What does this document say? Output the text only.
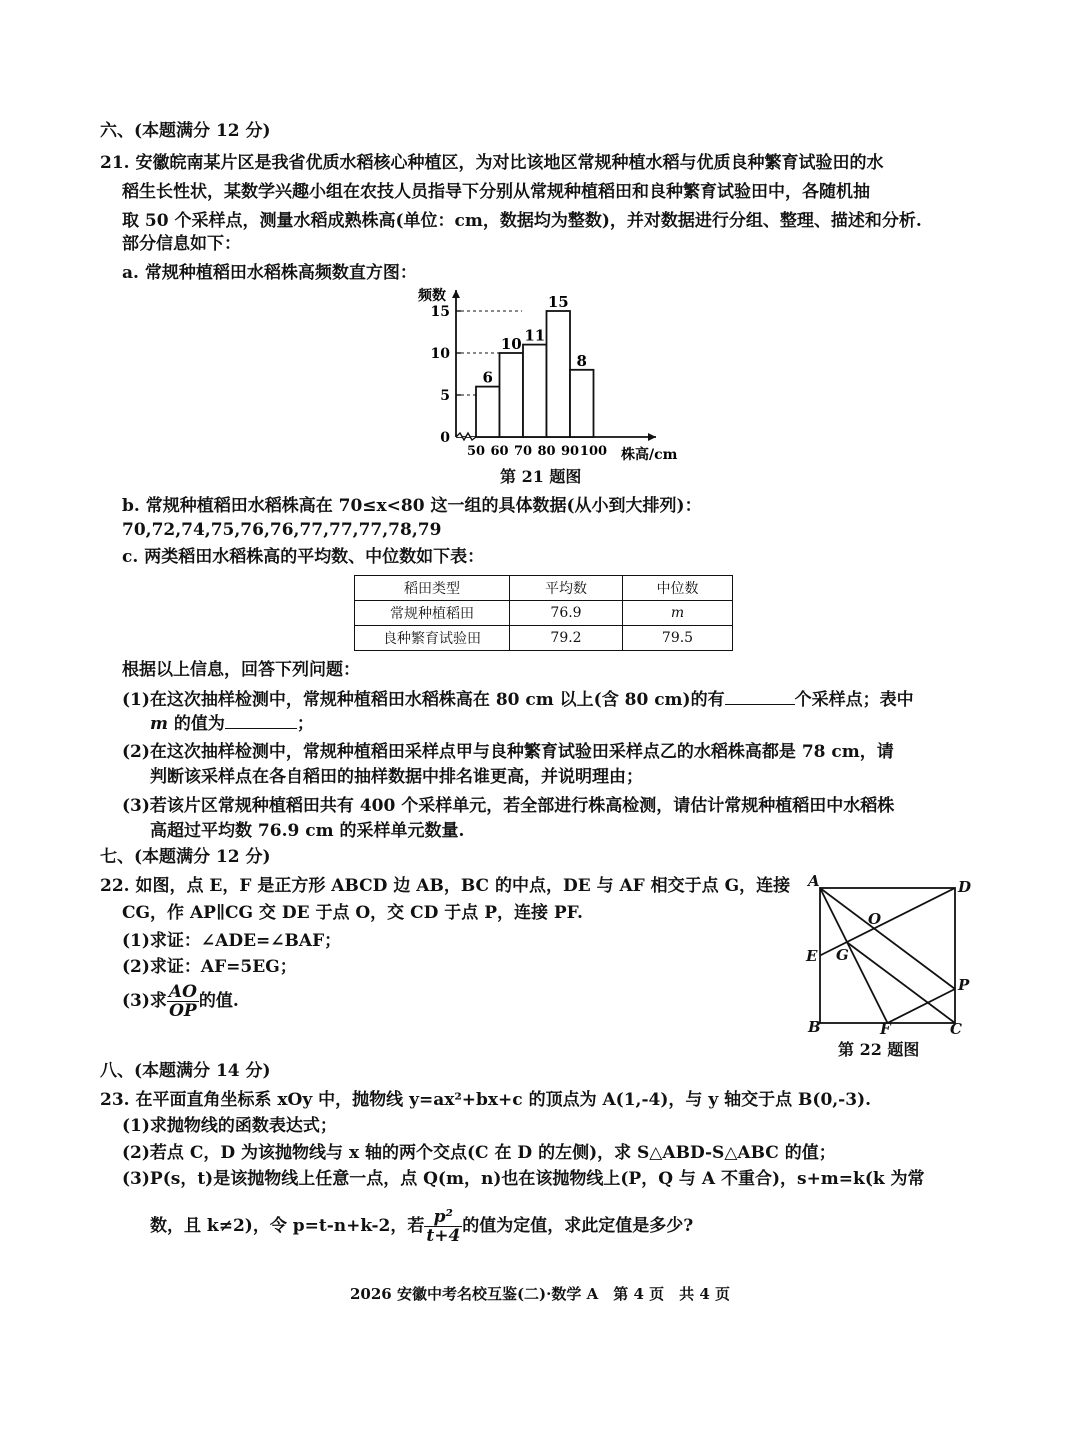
六、(本题满分 12 分)
21. 安徽皖南某片区是我省优质水稻核心种植区，为对比该地区常规种植水稻与优质良种繁育试验田的水
稻生长性状，某数学兴趣小组在农技人员指导下分别从常规种植稻田和良种繁育试验田中，各随机抽
取 50 个采样点，测量水稻成熟株高(单位：cm，数据均为整数)，并对数据进行分组、整理、描述和分析.
部分信息如下：
a. 常规种植稻田水稻株高频数直方图：
0
5
10
15
6
10 11
15
8
50 60 70 80 90 100 株高/cm
频数
第 21 题图
b. 常规种植稻田水稻株高在 70≤x<80 这一组的具体数据(从小到大排列)：
70,72,74,75,76,76,77,77,77,78,79
c. 两类稻田水稻株高的平均数、中位数如下表：
稻田类型	平均数	中位数
常规种植稻田	76.9	m
良种繁育试验田	79.2	79.5
根据以上信息，回答下列问题：
(1)在这次抽样检测中，常规种植稻田水稻株高在 80 cm 以上(含 80 cm)的有	个采样点；表中
m 的值为	；
(2)在这次抽样检测中，常规种植稻田采样点甲与良种繁育试验田采样点乙的水稻株高都是 78 cm，请
判断该采样点在各自稻田的抽样数据中排名谁更高，并说明理由；
(3)若该片区常规种植稻田共有 400 个采样单元，若全部进行株高检测，请估计常规种植稻田中水稻株
高超过平均数 76.9 cm 的采样单元数量.
七、(本题满分 12 分)
22. 如图，点 E，F 是正方形 ABCD 边 AB，BC 的中点，DE 与 AF 相交于点 G，连接
CG，作 AP∥CG 交 DE 于点 O，交 CD 于点 P，连接 PF.
(1)求证：∠ADE=∠BAF；
(2)求证：AF=5EG；
(3)求 $\frac{AO}{OP}$ 的值.
A	D
B	C
E
F
G
O
P
第 22 题图
八、(本题满分 14 分)
23. 在平面直角坐标系 xOy 中，抛物线 y=ax²+bx+c 的顶点为 A(1,-4)，与 y 轴交于点 B(0,-3).
(1)求抛物线的函数表达式；
(2)若点 C，D 为该抛物线与 x 轴的两个交点(C 在 D 的左侧)，求 S△ABD-S△ABC 的值；
(3)P(s，t)是该抛物线上任意一点，点 Q(m，n)也在该抛物线上(P，Q 与 A 不重合)，s+m=k(k 为常
数，且 k≠2)，令 p=t-n+k-2，若 $\frac{\text{p²}}{t+4}$ 的值为定值，求此定值是多少?
2026 安徽中考名校互鉴(二)·数学 A　第 4 页　共 4 页
